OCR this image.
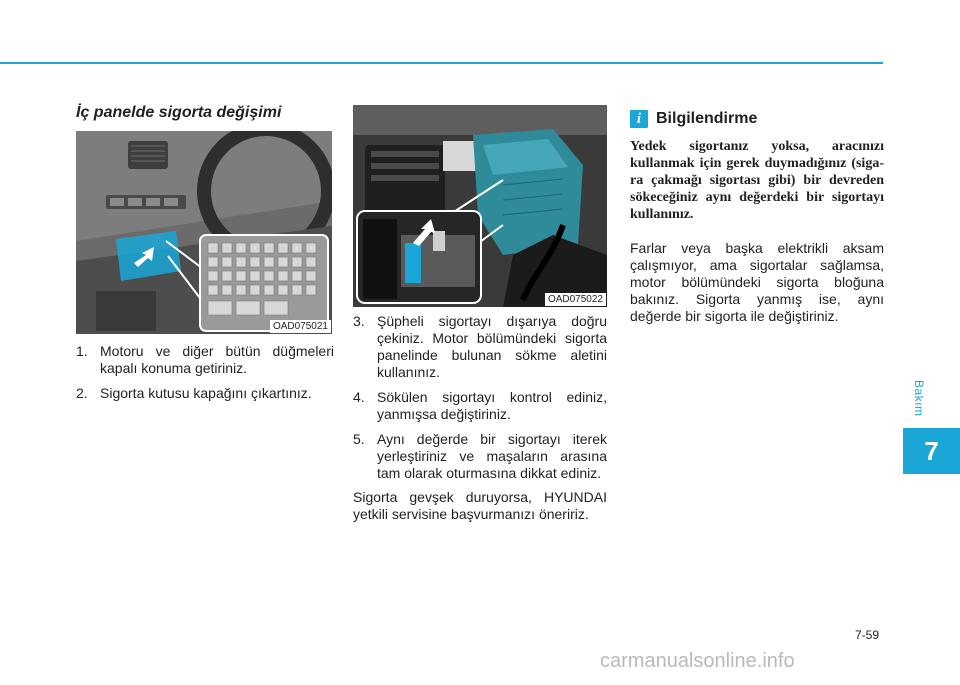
İç panelde sigorta değişimi
OAD075021
OAD075022
1. Motoru ve diğer bütün düğmeleri kapalı konuma getiriniz.
2. Sigorta kutusu kapağını çıkartınız.
3. Şüpheli sigortayı dışarıya doğru çekiniz. Motor bölümündeki sigorta panelinde bulunan sökme aletini kullanınız.
4. Sökülen sigortayı kontrol ediniz, yanmışsa değiştiriniz.
5. Aynı değerde bir sigortayı iterek yerleştiriniz ve maşaların arasına tam olarak oturmasına dikkat ediniz.
Sigorta gevşek duruyorsa, HYUNDAI yetkili servisine başvurmanızı öneririz.
i Bilgilendirme
Yedek sigortanız yoksa, aracınızı kullanmak için gerek duymadığınız (sigara çakmağı sigortası gibi) bir devreden sökeceğiniz aynı değerdeki bir sigortayı kullanınız.
Farlar veya başka elektrikli aksam çalışmıyor, ama sigortalar sağlamsa, motor bölümündeki sigorta bloğuna bakınız. Sigorta yanmış ise, aynı değerde bir sigorta ile değiştiriniz.
Bakım
7
7-59
carmanualsonline.info
